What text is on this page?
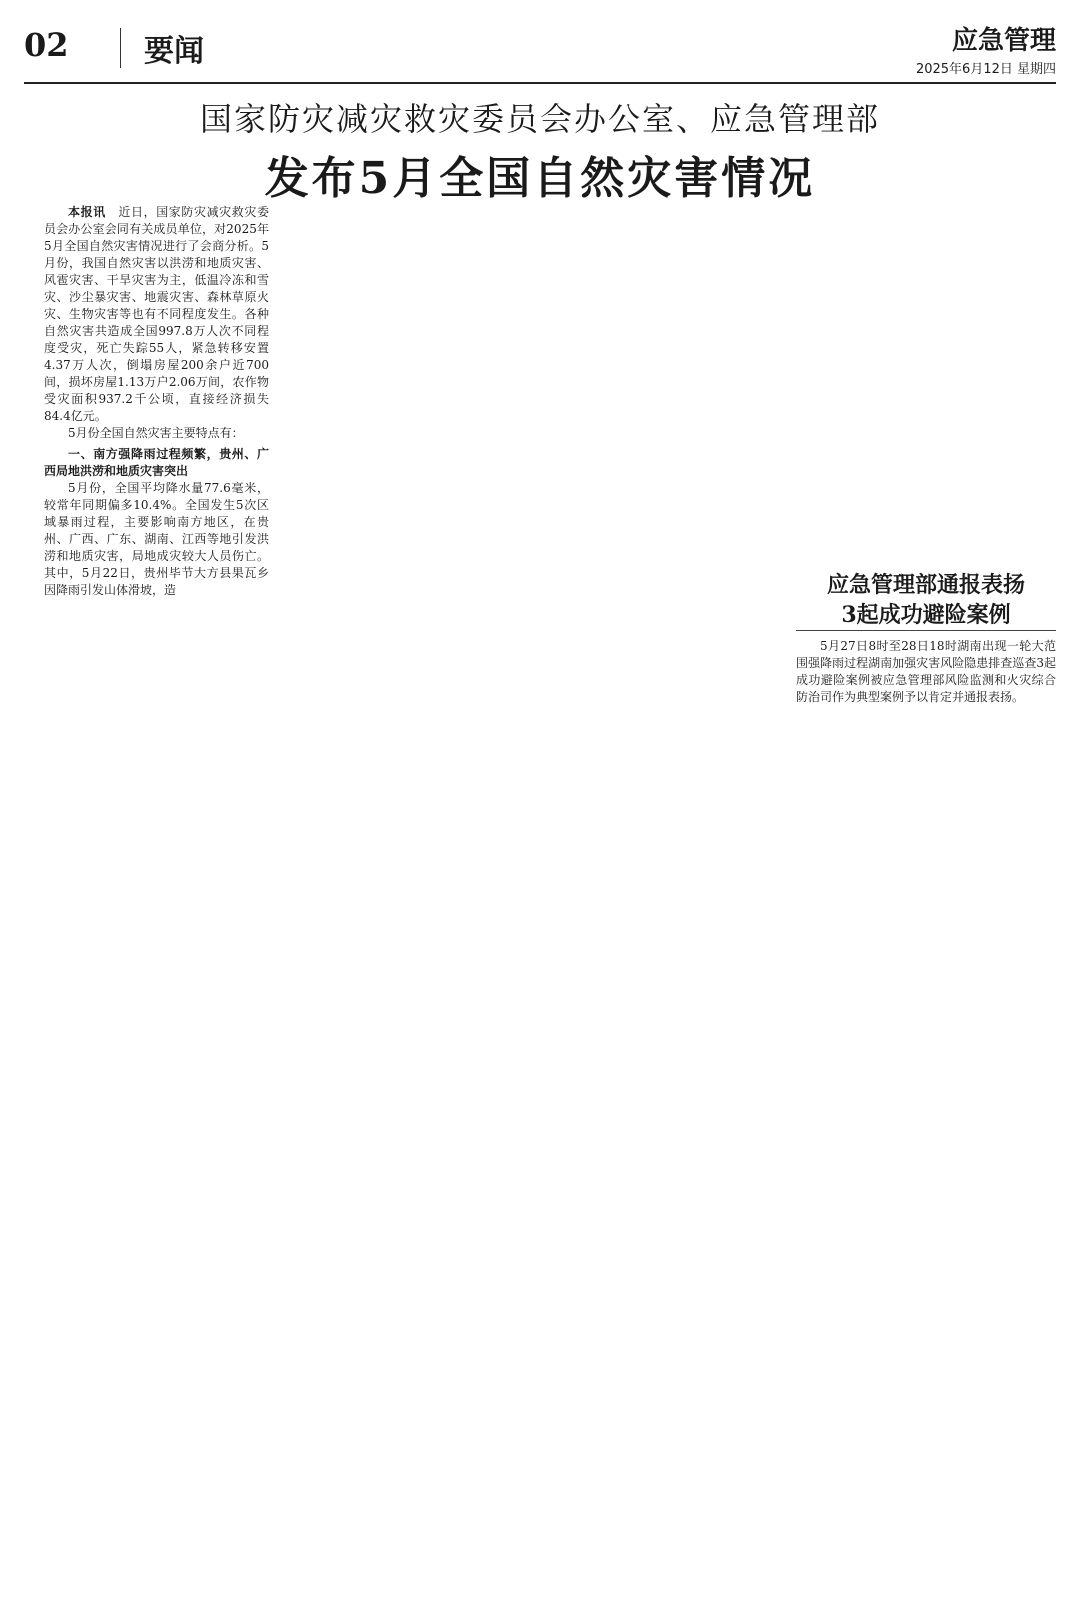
02	要闻	应急管理
2025年6月12日 星期四
国家防灾减灾救灾委员会办公室、应急管理部
发布5月全国自然灾害情况

本报讯　 近日，国家防灾减灾救灾委员会办公室会同有关成员单位，对2025年5月全国自然灾害情况进行了会商分析。5月份，我国自然灾害以洪涝和地质灾害、风雹灾害、干旱灾害为主，低温冷冻和雪灾、沙尘暴灾害、地震灾害、森林草原火灾、生物灾害等也有不同程度发生。各种自然灾害共造成全国997.8万人次不同程度受灾，死亡失踪55人，紧急转移安置4.37万人次，倒塌房屋200余户近700间，损坏房屋1.13万户2.06万间，农作物受灾面积937.2千公顷，直接经济损失84.4亿元。

5月份全国自然灾害主要特点有：

一、南方强降雨过程频繁，贵州、广西局地洪涝和地质灾害突出

5月份，全国平均降水量77.6毫米，较常年同期偏多10.4%。全国发生5次区域暴雨过程，主要影响南方地区，在贵州、广西、广东、湖南、江西等地引发洪涝和地质灾害，局地成灾较大人员伤亡。其中，5月22日，贵州毕节大方县果瓦乡因降雨引发山体滑坡，造	应急管理部通报表扬
3起成功避险案例

5月27日8时至28日18时湖南出现一轮大范围强降雨过程湖南加强灾害风险隐患排查巡查3起成功避险案例被应急管理部风险监测和火灾综合防治司作为典型案例予以肯定并通报表扬。
